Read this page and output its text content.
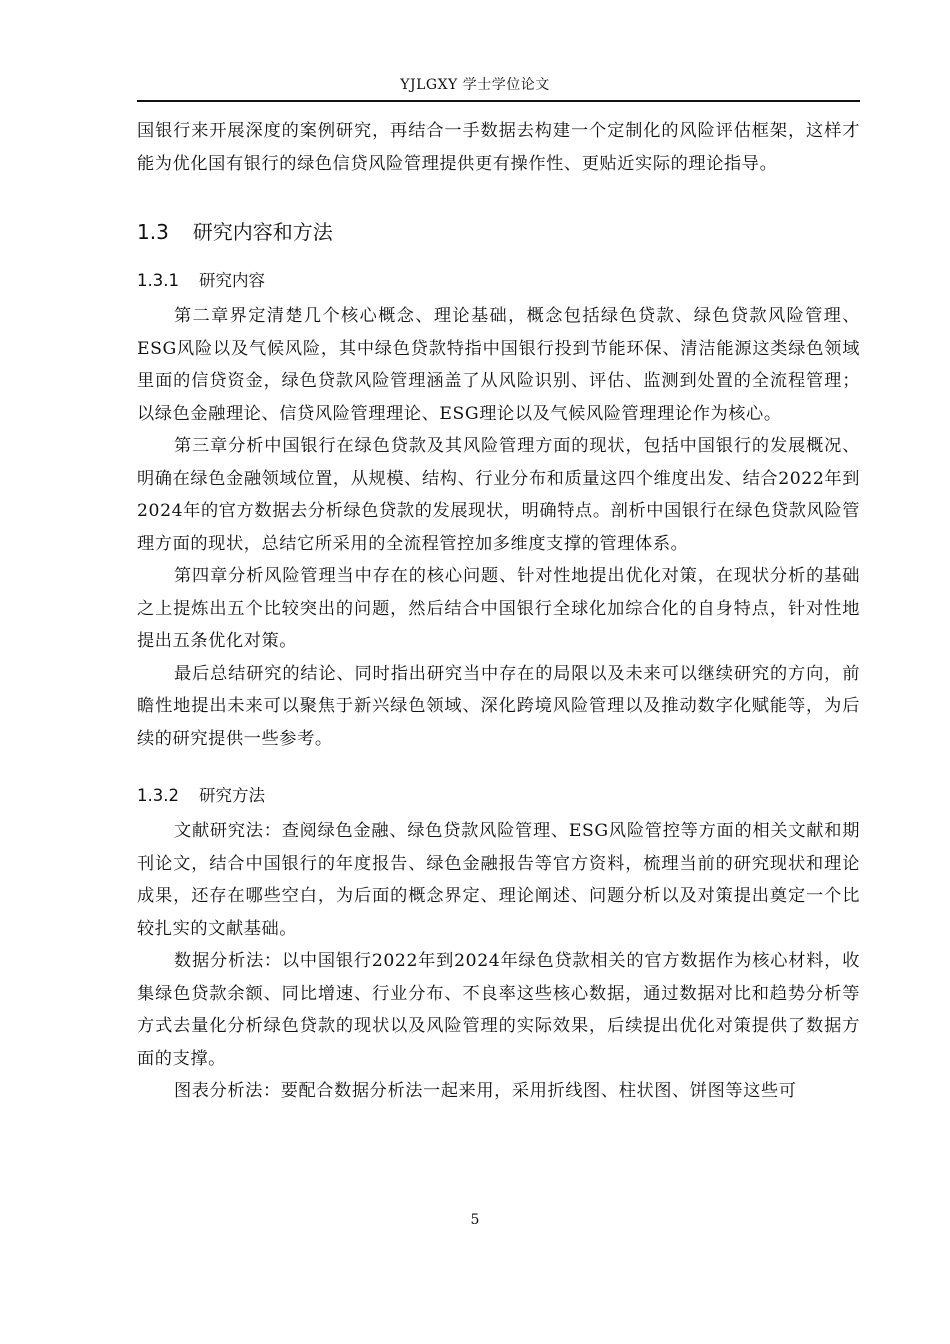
YJLGXY 学士学位论文

国银行来开展深度的案例研究，再结合一手数据去构建一个定制化的风险评估框架，这样才能为优化国有银行的绿色信贷风险管理提供更有操作性、更贴近实际的理论指导。

1.3 研究内容和方法
1.3.1 研究内容

第二章界定清楚几个核心概念、理论基础，概念包括绿色贷款、绿色贷款风险管理、ESG风险以及气候风险，其中绿色贷款特指中国银行投到节能环保、清洁能源这类绿色领域里面的信贷资金，绿色贷款风险管理涵盖了从风险识别、评估、监测到处置的全流程管理；以绿色金融理论、信贷风险管理理论、ESG理论以及气候风险管理理论作为核心。

第三章分析中国银行在绿色贷款及其风险管理方面的现状，包括中国银行的发展概况、明确在绿色金融领域位置，从规模、结构、行业分布和质量这四个维度出发、结合2022年到2024年的官方数据去分析绿色贷款的发展现状，明确特点。剖析中国银行在绿色贷款风险管理方面的现状，总结它所采用的全流程管控加多维度支撑的管理体系。

第四章分析风险管理当中存在的核心问题、针对性地提出优化对策，在现状分析的基础之上提炼出五个比较突出的问题，然后结合中国银行全球化加综合化的自身特点，针对性地提出五条优化对策。

最后总结研究的结论、同时指出研究当中存在的局限以及未来可以继续研究的方向，前瞻性地提出未来可以聚焦于新兴绿色领域、深化跨境风险管理以及推动数字化赋能等，为后续的研究提供一些参考。

1.3.2 研究方法

文献研究法：查阅绿色金融、绿色贷款风险管理、ESG风险管控等方面的相关文献和期刊论文，结合中国银行的年度报告、绿色金融报告等官方资料，梳理当前的研究现状和理论成果，还存在哪些空白，为后面的概念界定、理论阐述、问题分析以及对策提出奠定一个比较扎实的文献基础。

数据分析法：以中国银行2022年到2024年绿色贷款相关的官方数据作为核心材料，收集绿色贷款余额、同比增速、行业分布、不良率这些核心数据，通过数据对比和趋势分析等方式去量化分析绿色贷款的现状以及风险管理的实际效果，后续提出优化对策提供了数据方面的支撑。

图表分析法：要配合数据分析法一起来用，采用折线图、柱状图、饼图等这些可

5
